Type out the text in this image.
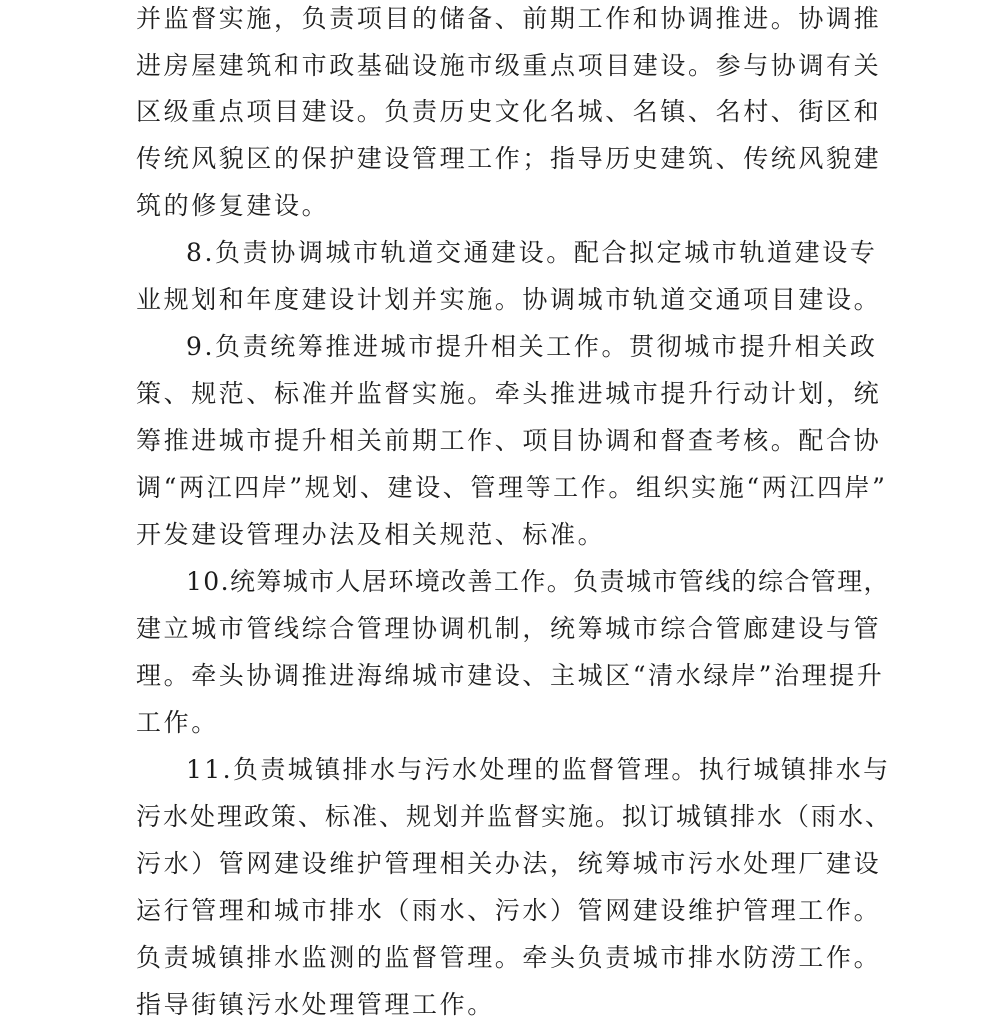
并监督实施，负责项目的储备、前期工作和协调推进。协调推
进房屋建筑和市政基础设施市级重点项目建设。参与协调有关
区级重点项目建设。负责历史文化名城、名镇、名村、街区和
传统风貌区的保护建设管理工作；指导历史建筑、传统风貌建
筑的修复建设。
8.负责协调城市轨道交通建设。配合拟定城市轨道建设专
业规划和年度建设计划并实施。协调城市轨道交通项目建设。
9.负责统筹推进城市提升相关工作。贯彻城市提升相关政
策、规范、标准并监督实施。牵头推进城市提升行动计划，统
筹推进城市提升相关前期工作、项目协调和督查考核。配合协
调“两江四岸”规划、建设、管理等工作。组织实施“两江四岸”
开发建设管理办法及相关规范、标准。
10.统筹城市人居环境改善工作。负责城市管线的综合管理，
建立城市管线综合管理协调机制，统筹城市综合管廊建设与管
理。牵头协调推进海绵城市建设、主城区“清水绿岸”治理提升
工作。
11.负责城镇排水与污水处理的监督管理。执行城镇排水与
污水处理政策、标准、规划并监督实施。拟订城镇排水（雨水、
污水）管网建设维护管理相关办法，统筹城市污水处理厂建设
运行管理和城市排水（雨水、污水）管网建设维护管理工作。
负责城镇排水监测的监督管理。牵头负责城市排水防涝工作。
指导街镇污水处理管理工作。
